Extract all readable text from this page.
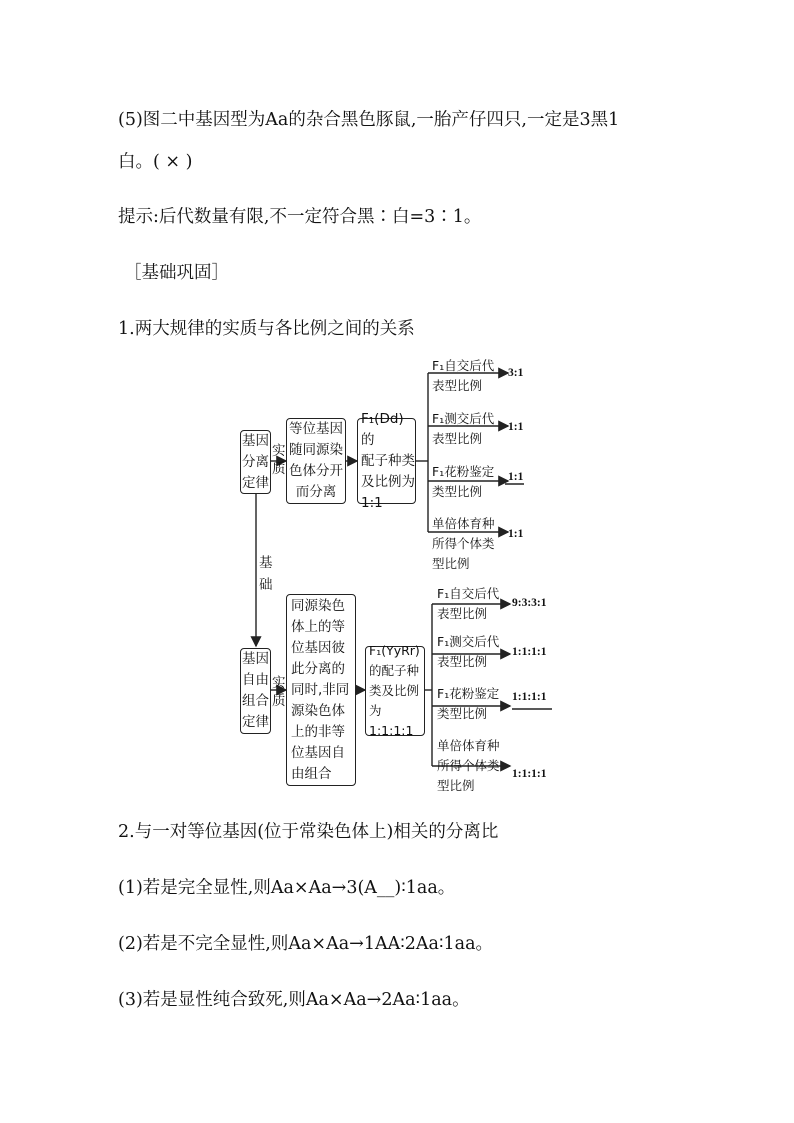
(5)图二中基因型为Aa的杂合黑色豚鼠,一胎产仔四只,一定是3黑1
白。( × )
提示:后代数量有限,不一定符合黑∶白=3∶1。
［基础巩固］
1.两大规律的实质与各比例之间的关系
基因
分离
定律
实
质
等位基因
随同源染
色体分开
而分离
F₁(Dd)的
配子种类
及比例为
1:1
F₁自交后代
表型比例
3:1
F₁测交后代
表型比例
1:1
F₁花粉鉴定
类型比例
1:1
单倍体育种
所得个体类
型比例
1:1
基
础
基因
自由
组合
定律
实
质
同源染色
体上的等
位基因彼
此分离的
同时,非同
源染色体
上的非等
位基因自
由组合
F₁(YyRr)
的配子种
类及比例
为1:1:1:1
F₁自交后代
表型比例
9:3:3:1
F₁测交后代
表型比例
1:1:1:1
F₁花粉鉴定
类型比例
1:1:1:1
单倍体育种
所得个体类
型比例
1:1:1:1
2.与一对等位基因(位于常染色体上)相关的分离比
(1)若是完全显性,则Aa×Aa→3(A__)∶1aa。
(2)若是不完全显性,则Aa×Aa→1AA∶2Aa∶1aa。
(3)若是显性纯合致死,则Aa×Aa→2Aa∶1aa。
